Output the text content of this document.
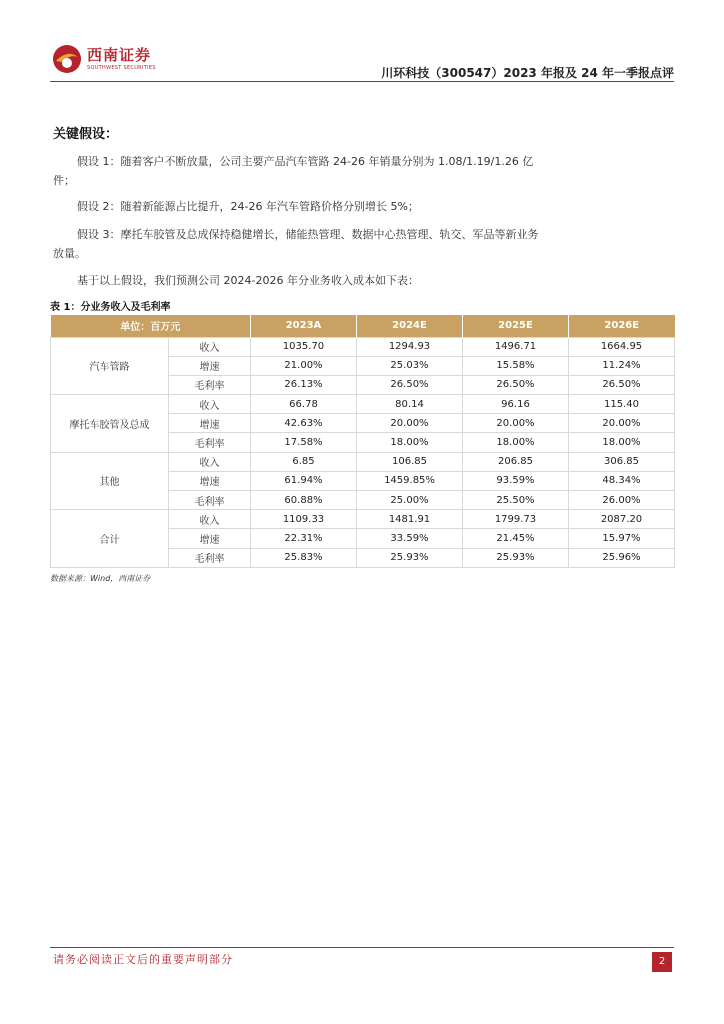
西南证券
SOUTHWEST SECURITIES	川环科技（300547）2023 年报及 24 年一季报点评
关键假设：

假设 1：随着客户不断放量，公司主要产品汽车管路 24-26 年销量分别为 1.08/1.19/1.26 亿件；

假设 2：随着新能源占比提升，24-26 年汽车管路价格分别增长 5%；

假设 3：摩托车胶管及总成保持稳健增长，储能热管理、数据中心热管理、轨交、军品等新业务放量。

基于以上假设，我们预测公司 2024-2026 年分业务收入成本如下表：

表 1：分业务收入及毛利率
单位：百万元		2023A	2024E	2025E	2026E
汽车管路	收入	1035.70	1294.93	1496.71	1664.95
	增速	21.00%	25.03%	15.58%	11.24%
	毛利率	26.13%	26.50%	26.50%	26.50%
摩托车胶管及总成	收入	66.78	80.14	96.16	115.40
	增速	42.63%	20.00%	20.00%	20.00%
	毛利率	17.58%	18.00%	18.00%	18.00%
其他	收入	6.85	106.85	206.85	306.85
	增速	61.94%	1459.85%	93.59%	48.34%
	毛利率	60.88%	25.00%	25.50%	26.00%
合计	收入	1109.33	1481.91	1799.73	2087.20
	增速	22.31%	33.59%	21.45%	15.97%
	毛利率	25.83%	25.93%	25.93%	25.96%
数据来源：Wind，西南证券
请务必阅读正文后的重要声明部分	2
